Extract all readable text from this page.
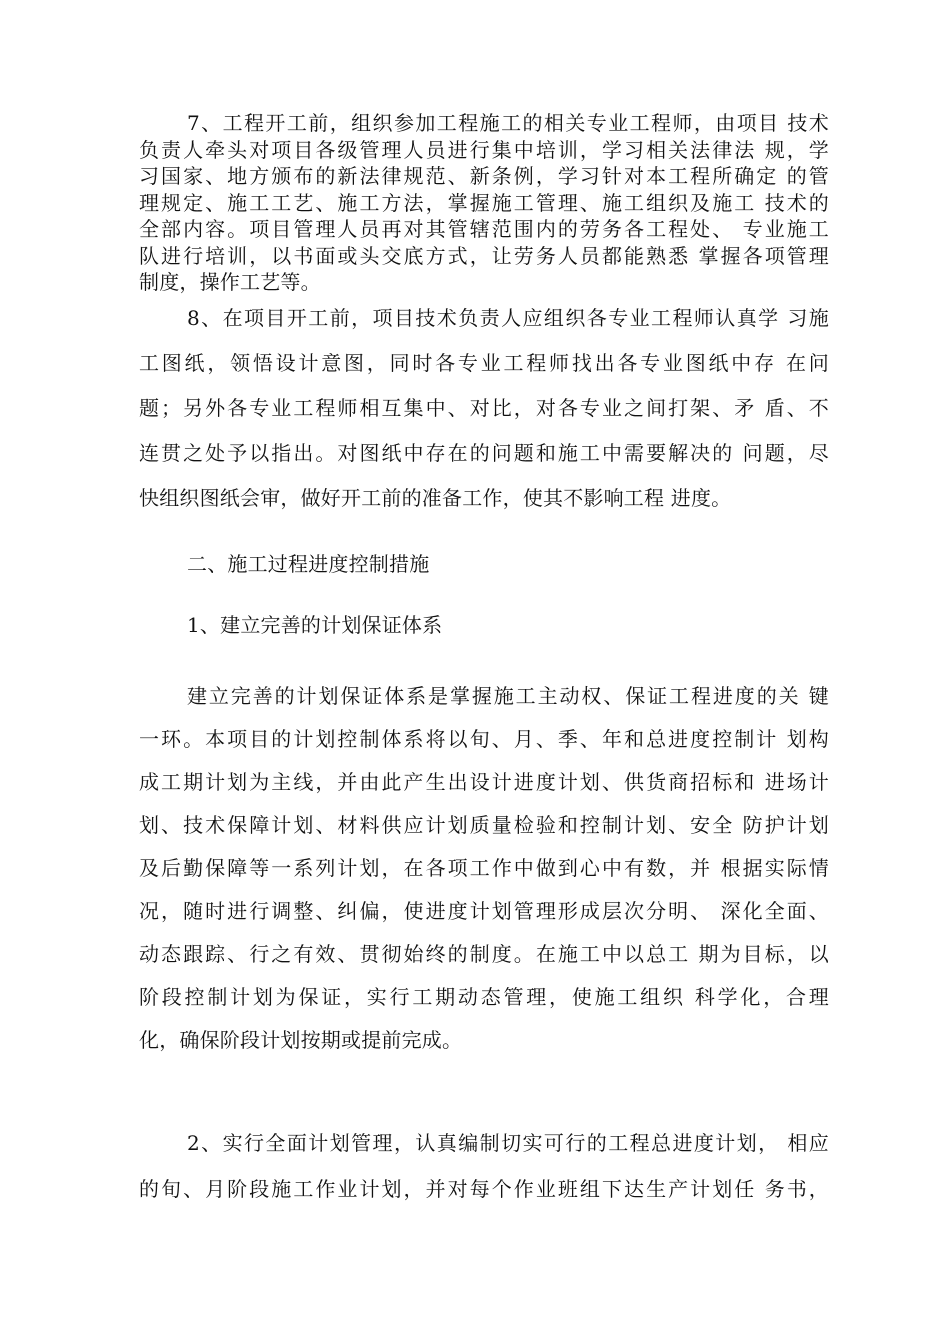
7、工程开工前，组织参加工程施工的相关专业工程师，由项目 技术
负责人牵头对项目各级管理人员进行集中培训，学习相关法律法 规，学
习国家、地方颁布的新法律规范、新条例，学习针对本工程所确定 的管
理规定、施工工艺、施工方法，掌握施工管理、施工组织及施工 技术的
全部内容。项目管理人员再对其管辖范围内的劳务各工程处、 专业施工
队进行培训，以书面或头交底方式，让劳务人员都能熟悉 掌握各项管理
制度，操作工艺等。
8、在项目开工前，项目技术负责人应组织各专业工程师认真学 习施
工图纸，领悟设计意图，同时各专业工程师找出各专业图纸中存 在问
题；另外各专业工程师相互集中、对比，对各专业之间打架、矛 盾、不
连贯之处予以指出。对图纸中存在的问题和施工中需要解决的 问题，尽
快组织图纸会审，做好开工前的准备工作，使其不影响工程 进度。
二、施工过程进度控制措施
1、建立完善的计划保证体系
建立完善的计划保证体系是掌握施工主动权、保证工程进度的关 键
一环。本项目的计划控制体系将以旬、月、季、年和总进度控制计 划构
成工期计划为主线，并由此产生出设计进度计划、供货商招标和 进场计
划、技术保障计划、材料供应计划质量检验和控制计划、安全 防护计划
及后勤保障等一系列计划，在各项工作中做到心中有数，并 根据实际情
况，随时进行调整、纠偏，使进度计划管理形成层次分明、 深化全面、
动态跟踪、行之有效、贯彻始终的制度。在施工中以总工 期为目标，以
阶段控制计划为保证，实行工期动态管理，使施工组织 科学化，合理
化，确保阶段计划按期或提前完成。
2、实行全面计划管理，认真编制切实可行的工程总进度计划， 相应
的旬、月阶段施工作业计划，并对每个作业班组下达生产计划任 务书，
